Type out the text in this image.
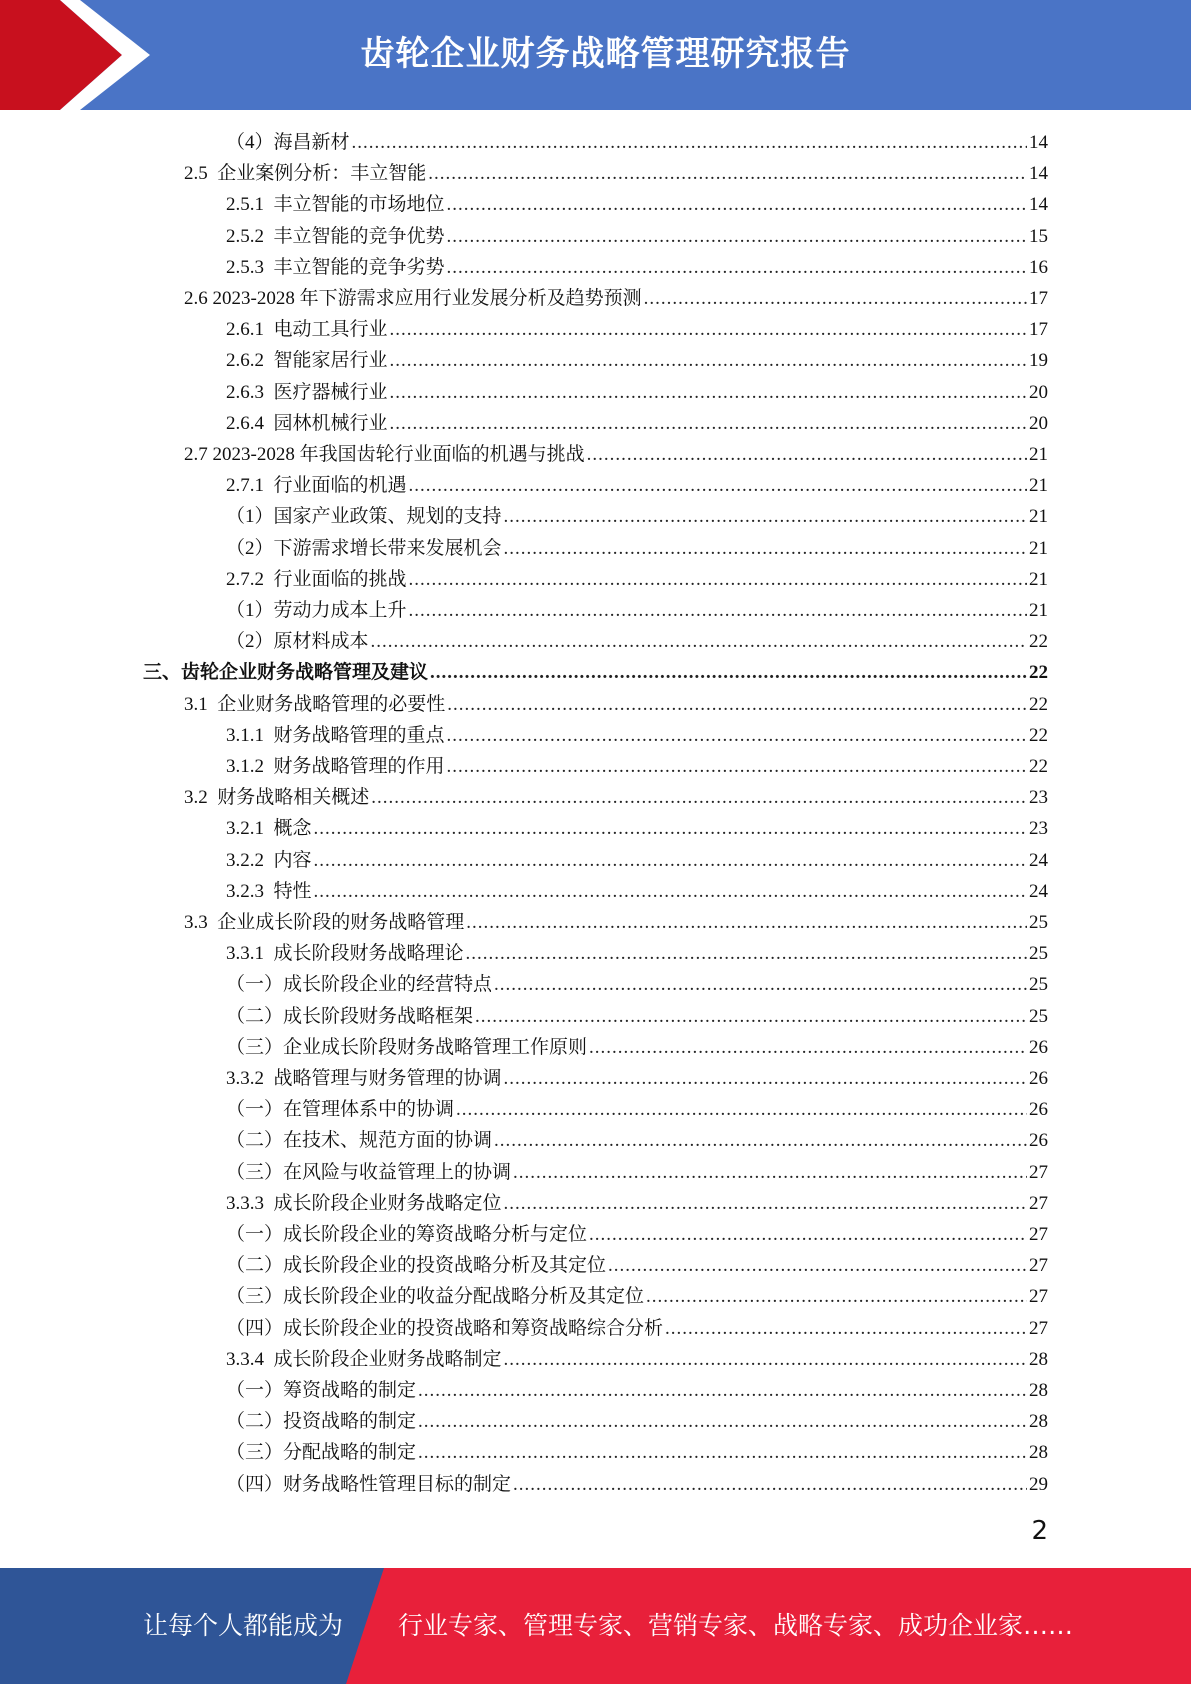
齿轮企业财务战略管理研究报告
（4）海昌新材 .....	14
2.5  企业案例分析：丰立智能 .....	14
2.5.1  丰立智能的市场地位 .....	14
2.5.2  丰立智能的竞争优势 .....	15
2.5.3  丰立智能的竞争劣势 .....	16
2.6 2023-2028 年下游需求应用行业发展分析及趋势预测 .....	17
2.6.1  电动工具行业 .....	17
2.6.2  智能家居行业 .....	19
2.6.3  医疗器械行业 .....	20
2.6.4  园林机械行业 .....	20
2.7 2023-2028 年我国齿轮行业面临的机遇与挑战 .....	21
2.7.1  行业面临的机遇 .....	21
（1）国家产业政策、规划的支持 .....	21
（2）下游需求增长带来发展机会 .....	21
2.7.2  行业面临的挑战 .....	21
（1）劳动力成本上升 .....	21
（2）原材料成本 .....	22
三、齿轮企业财务战略管理及建议 .....	22
3.1  企业财务战略管理的必要性 .....	22
3.1.1  财务战略管理的重点 .....	22
3.1.2  财务战略管理的作用 .....	22
3.2  财务战略相关概述 .....	23
3.2.1  概念 .....	23
3.2.2  内容 .....	24
3.2.3  特性 .....	24
3.3  企业成长阶段的财务战略管理 .....	25
3.3.1  成长阶段财务战略理论 .....	25
（一）成长阶段企业的经营特点 .....	25
（二）成长阶段财务战略框架 .....	25
（三）企业成长阶段财务战略管理工作原则 .....	26
3.3.2  战略管理与财务管理的协调 .....	26
（一）在管理体系中的协调 .....	26
（二）在技术、规范方面的协调 .....	26
（三）在风险与收益管理上的协调 .....	27
3.3.3  成长阶段企业财务战略定位 .....	27
（一）成长阶段企业的筹资战略分析与定位 .....	27
（二）成长阶段企业的投资战略分析及其定位 .....	27
（三）成长阶段企业的收益分配战略分析及其定位 .....	27
（四）成长阶段企业的投资战略和筹资战略综合分析 .....	27
3.3.4  成长阶段企业财务战略制定 .....	28
（一）筹资战略的制定 .....	28
（二）投资战略的制定 .....	28
（三）分配战略的制定 .....	28
（四）财务战略性管理目标的制定 .....	29
2
让每个人都能成为 行业专家、管理专家、营销专家、战略专家、成功企业家……
